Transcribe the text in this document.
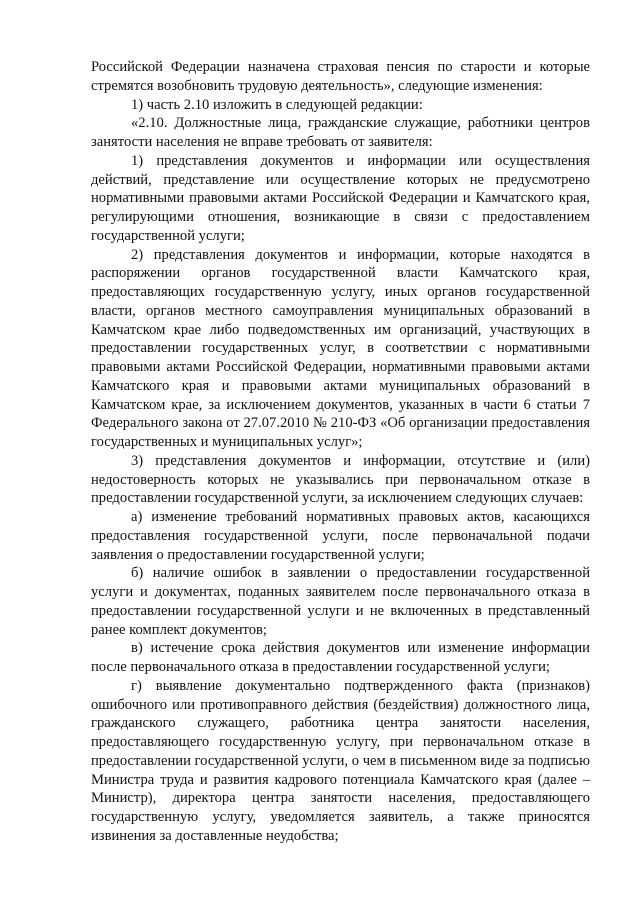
Российской Федерации назначена страховая пенсия по старости и которые стремятся возобновить трудовую деятельность», следующие изменения:

1) часть 2.10 изложить в следующей редакции:

«2.10. Должностные лица, гражданские служащие, работники центров занятости населения не вправе требовать от заявителя:

1) представления документов и информации или осуществления действий, представление или осуществление которых не предусмотрено нормативными правовыми актами Российской Федерации и Камчатского края, регулирующими отношения, возникающие в связи с предоставлением государственной услуги;

2) представления документов и информации, которые находятся в распоряжении органов государственной власти Камчатского края, предоставляющих государственную услугу, иных органов государственной власти, органов местного самоуправления муниципальных образований в Камчатском крае либо подведомственных им организаций, участвующих в предоставлении государственных услуг, в соответствии с нормативными правовыми актами Российской Федерации, нормативными правовыми актами Камчатского края и правовыми актами муниципальных образований в Камчатском крае, за исключением документов, указанных в части 6 статьи 7 Федерального закона от 27.07.2010 № 210-ФЗ «Об организации предоставления государственных и муниципальных услуг»;

3) представления документов и информации, отсутствие и (или) недостоверность которых не указывались при первоначальном отказе в предоставлении государственной услуги, за исключением следующих случаев:

а) изменение требований нормативных правовых актов, касающихся предоставления государственной услуги, после первоначальной подачи заявления о предоставлении государственной услуги;

б) наличие ошибок в заявлении о предоставлении государственной услуги и документах, поданных заявителем после первоначального отказа в предоставлении государственной услуги и не включенных в представленный ранее комплект документов;

в) истечение срока действия документов или изменение информации после первоначального отказа в предоставлении государственной услуги;

г) выявление документально подтвержденного факта (признаков) ошибочного или противоправного действия (бездействия) должностного лица, гражданского служащего, работника центра занятости населения, предоставляющего государственную услугу, при первоначальном отказе в предоставлении государственной услуги, о чем в письменном виде за подписью Министра труда и развития кадрового потенциала Камчатского края (далее – Министр), директора центра занятости населения, предоставляющего государственную услугу, уведомляется заявитель, а также приносятся извинения за доставленные неудобства;
